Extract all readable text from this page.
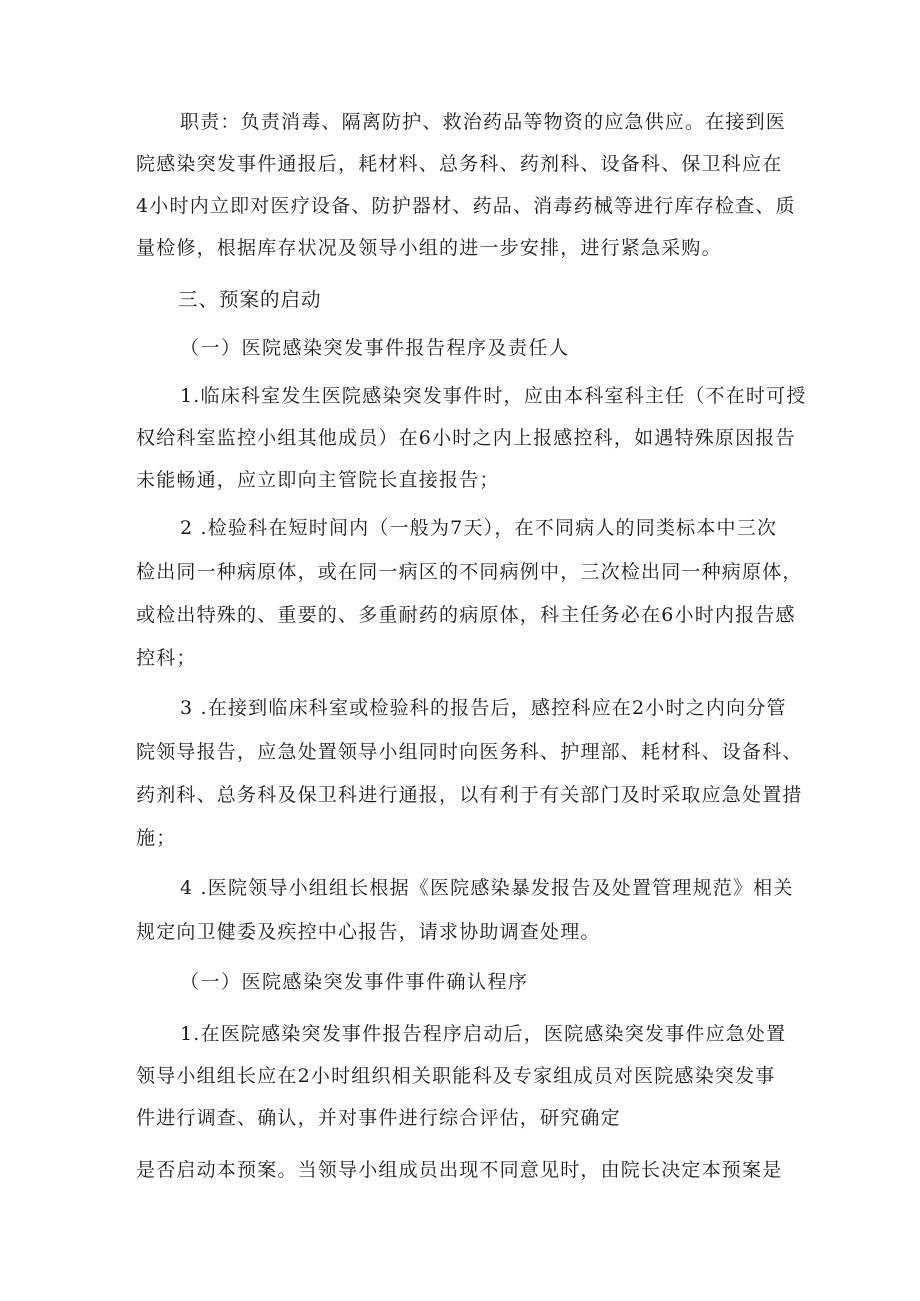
职责：负责消毒、隔离防护、救治药品等物资的应急供应。在接到医
院感染突发事件通报后，耗材料、总务科、药剂科、设备科、保卫科应在
4小时内立即对医疗设备、防护器材、药品、消毒药械等进行库存检查、质
量检修，根据库存状况及领导小组的进一步安排，进行紧急采购。
三、预案的启动
（一）医院感染突发事件报告程序及责任人
1.临床科室发生医院感染突发事件时，应由本科室科主任（不在时可授
权给科室监控小组其他成员）在6小时之内上报感控科，如遇特殊原因报告
未能畅通，应立即向主管院长直接报告；
2 .检验科在短时间内（一般为7天），在不同病人的同类标本中三次
检出同一种病原体，或在同一病区的不同病例中，三次检出同一种病原体，
或检出特殊的、重要的、多重耐药的病原体，科主任务必在6小时内报告感
控科；
3 .在接到临床科室或检验科的报告后，感控科应在2小时之内向分管
院领导报告，应急处置领导小组同时向医务科、护理部、耗材科、设备科、
药剂科、总务科及保卫科进行通报，以有利于有关部门及时采取应急处置措
施；
4 .医院领导小组组长根据《医院感染暴发报告及处置管理规范》相关
规定向卫健委及疾控中心报告，请求协助调查处理。
（一）医院感染突发事件事件确认程序
1.在医院感染突发事件报告程序启动后，医院感染突发事件应急处置
领导小组组长应在2小时组织相关职能科及专家组成员对医院感染突发事
件进行调查、确认，并对事件进行综合评估，研究确定
是否启动本预案。当领导小组成员出现不同意见时，由院长决定本预案是
